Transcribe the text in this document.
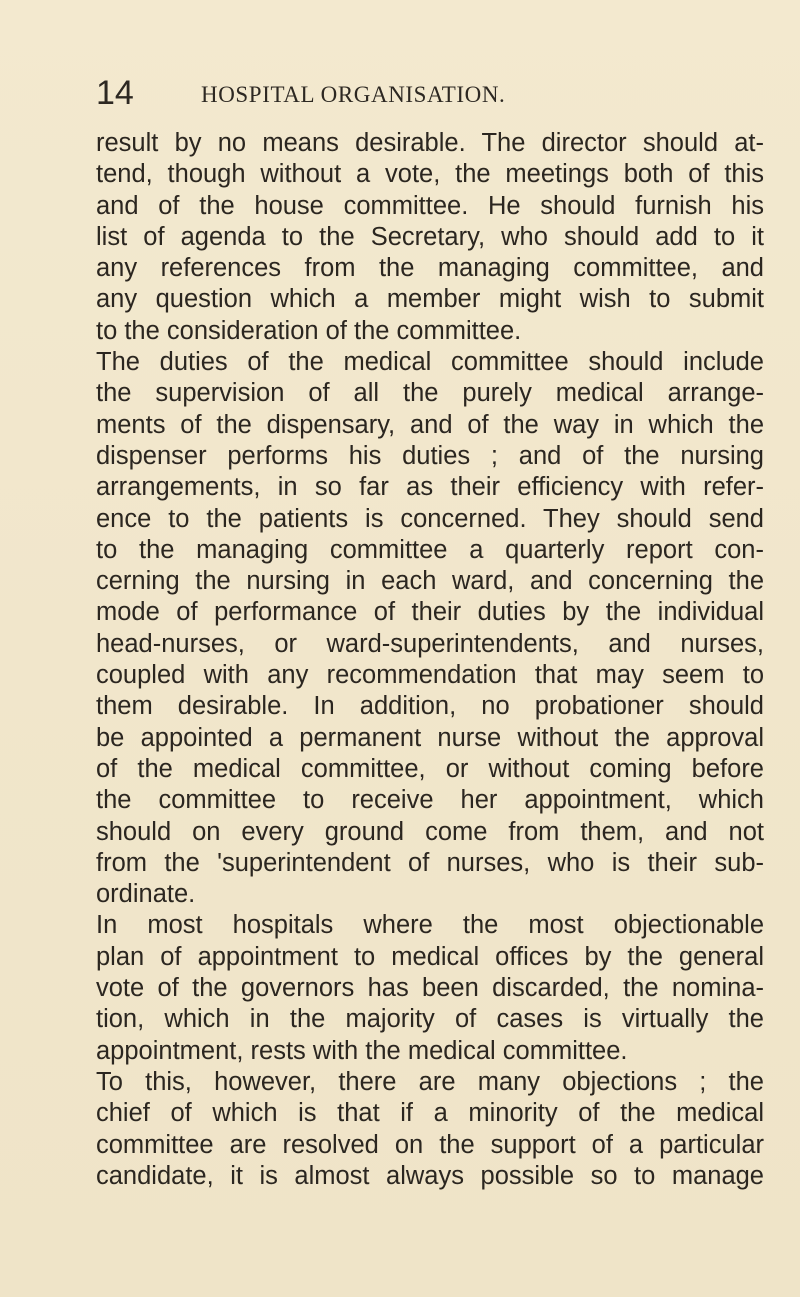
14	HOSPITAL ORGANISATION.
result by no means desirable. The director should at-
tend, though without a vote, the meetings both of this
and of the house committee. He should furnish his
list of agenda to the Secretary, who should add to it
any references from the managing committee, and
any question which a member might wish to submit
to the consideration of the committee.
The duties of the medical committee should include
the supervision of all the purely medical arrange-
ments of the dispensary, and of the way in which the
dispenser performs his duties ; and of the nursing
arrangements, in so far as their efficiency with refer-
ence to the patients is concerned. They should send
to the managing committee a quarterly report con-
cerning the nursing in each ward, and concerning the
mode of performance of their duties by the individual
head-nurses, or ward-superintendents, and nurses,
coupled with any recommendation that may seem to
them desirable. In addition, no probationer should
be appointed a permanent nurse without the approval
of the medical committee, or without coming before
the committee to receive her appointment, which
should on every ground come from them, and not
from the 'superintendent of nurses, who is their sub-
ordinate.
In most hospitals where the most objectionable
plan of appointment to medical offices by the general
vote of the governors has been discarded, the nomina-
tion, which in the majority of cases is virtually the
appointment, rests with the medical committee.
To this, however, there are many objections ; the
chief of which is that if a minority of the medical
committee are resolved on the support of a particular
candidate, it is almost always possible so to manage
